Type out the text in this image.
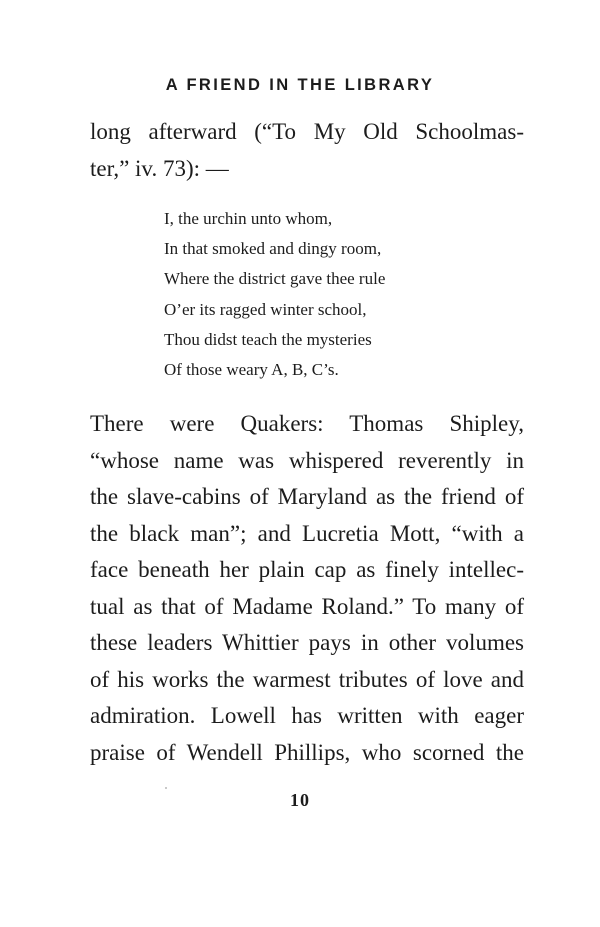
A FRIEND IN THE LIBRARY
long afterward (“To My Old Schoolmas-
ter,” iv. 73): —
I, the urchin unto whom,
In that smoked and dingy room,
Where the district gave thee rule
O’er its ragged winter school,
Thou didst teach the mysteries
Of those weary A, B, C’s.
There were Quakers: Thomas Shipley,
“whose name was whispered reverently in
the slave-cabins of Maryland as the friend of
the black man”; and Lucretia Mott, “with a
face beneath her plain cap as finely intellec-
tual as that of Madame Roland.” To many of
these leaders Whittier pays in other volumes
of his works the warmest tributes of love and
admiration. Lowell has written with eager
praise of Wendell Phillips, who scorned the
10
